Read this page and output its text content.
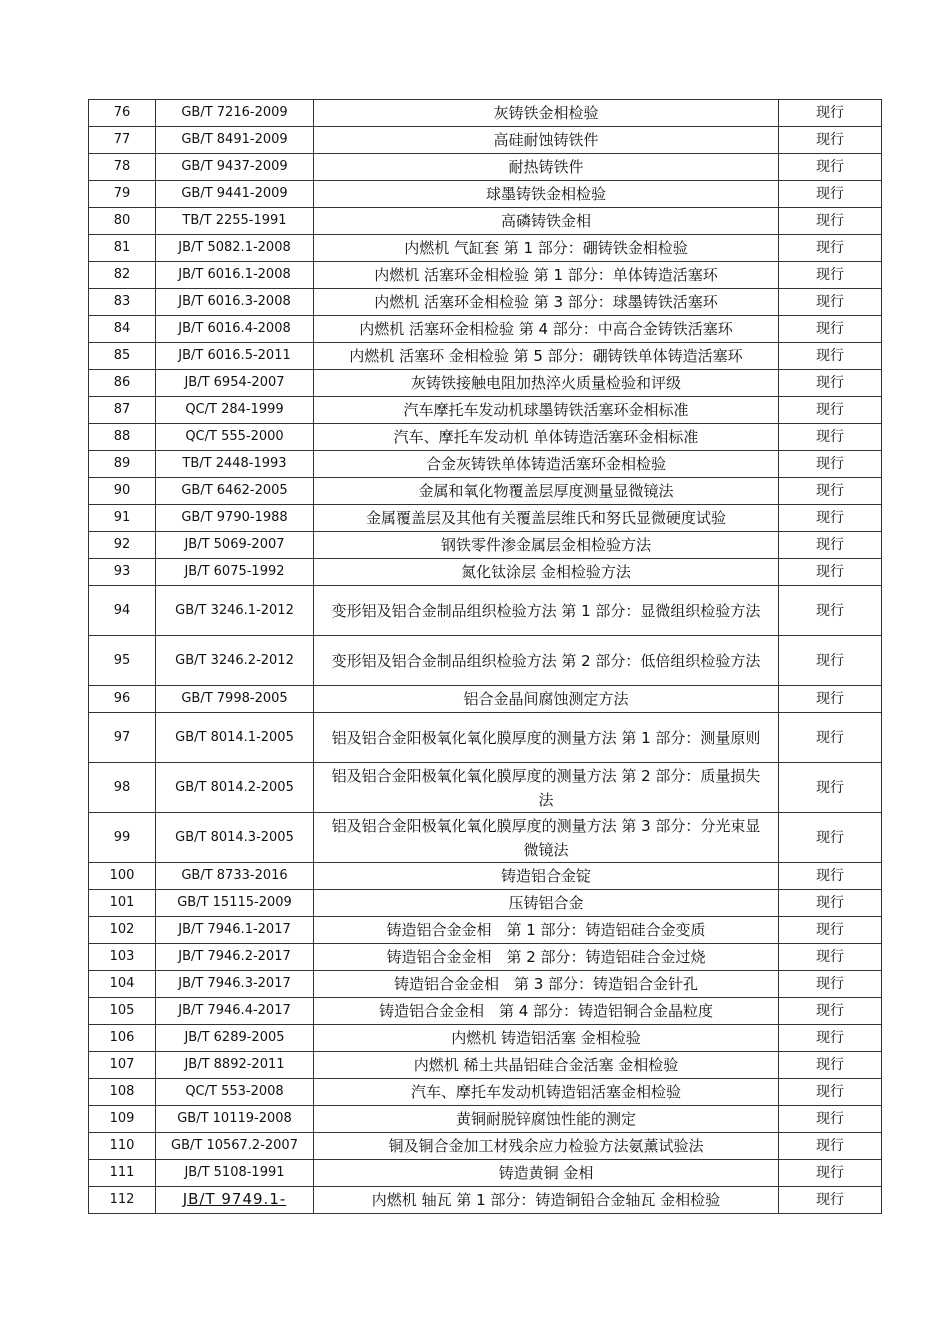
76	GB/T 7216-2009	灰铸铁金相检验	现行
77	GB/T 8491-2009	高硅耐蚀铸铁件	现行
78	GB/T 9437-2009	耐热铸铁件	现行
79	GB/T 9441-2009	球墨铸铁金相检验	现行
80	TB/T 2255-1991	高磷铸铁金相	现行
81	JB/T 5082.1-2008	内燃机 气缸套 第 1 部分：硼铸铁金相检验	现行
82	JB/T 6016.1-2008	内燃机 活塞环金相检验 第 1 部分：单体铸造活塞环	现行
83	JB/T 6016.3-2008	内燃机 活塞环金相检验 第 3 部分：球墨铸铁活塞环	现行
84	JB/T 6016.4-2008	内燃机 活塞环金相检验 第 4 部分：中高合金铸铁活塞环	现行
85	JB/T 6016.5-2011	内燃机 活塞环 金相检验 第 5 部分：硼铸铁单体铸造活塞环	现行
86	JB/T 6954-2007	灰铸铁接触电阻加热淬火质量检验和评级	现行
87	QC/T 284-1999	汽车摩托车发动机球墨铸铁活塞环金相标准	现行
88	QC/T 555-2000	汽车、摩托车发动机 单体铸造活塞环金相标准	现行
89	TB/T 2448-1993	合金灰铸铁单体铸造活塞环金相检验	现行
90	GB/T 6462-2005	金属和氧化物覆盖层厚度测量显微镜法	现行
91	GB/T 9790-1988	金属覆盖层及其他有关覆盖层维氏和努氏显微硬度试验	现行
92	JB/T 5069-2007	钢铁零件渗金属层金相检验方法	现行
93	JB/T 6075-1992	氮化钛涂层 金相检验方法	现行
94	GB/T 3246.1-2012	变形铝及铝合金制品组织检验方法 第 1 部分：显微组织检验方法	现行
95	GB/T 3246.2-2012	变形铝及铝合金制品组织检验方法 第 2 部分：低倍组织检验方法	现行
96	GB/T 7998-2005	铝合金晶间腐蚀测定方法	现行
97	GB/T 8014.1-2005	铝及铝合金阳极氧化氧化膜厚度的测量方法 第 1 部分：测量原则	现行
98	GB/T 8014.2-2005	铝及铝合金阳极氧化氧化膜厚度的测量方法 第 2 部分：质量损失法	现行
99	GB/T 8014.3-2005	铝及铝合金阳极氧化氧化膜厚度的测量方法 第 3 部分：分光束显微镜法	现行
100	GB/T 8733-2016	铸造铝合金锭	现行
101	GB/T 15115-2009	压铸铝合金	现行
102	JB/T 7946.1-2017	铸造铝合金金相　第 1 部分：铸造铝硅合金变质	现行
103	JB/T 7946.2-2017	铸造铝合金金相　第 2 部分：铸造铝硅合金过烧	现行
104	JB/T 7946.3-2017	铸造铝合金金相　第 3 部分：铸造铝合金针孔	现行
105	JB/T 7946.4-2017	铸造铝合金金相　第 4 部分：铸造铝铜合金晶粒度	现行
106	JB/T 6289-2005	内燃机 铸造铝活塞 金相检验	现行
107	JB/T 8892-2011	内燃机 稀土共晶铝硅合金活塞 金相检验	现行
108	QC/T 553-2008	汽车、摩托车发动机铸造铝活塞金相检验	现行
109	GB/T 10119-2008	黄铜耐脱锌腐蚀性能的测定	现行
110	GB/T 10567.2-2007	铜及铜合金加工材残余应力检验方法氨薰试验法	现行
111	JB/T 5108-1991	铸造黄铜 金相	现行
112	JB/T 9749.1-	内燃机 轴瓦 第 1 部分：铸造铜铅合金轴瓦 金相检验	现行
